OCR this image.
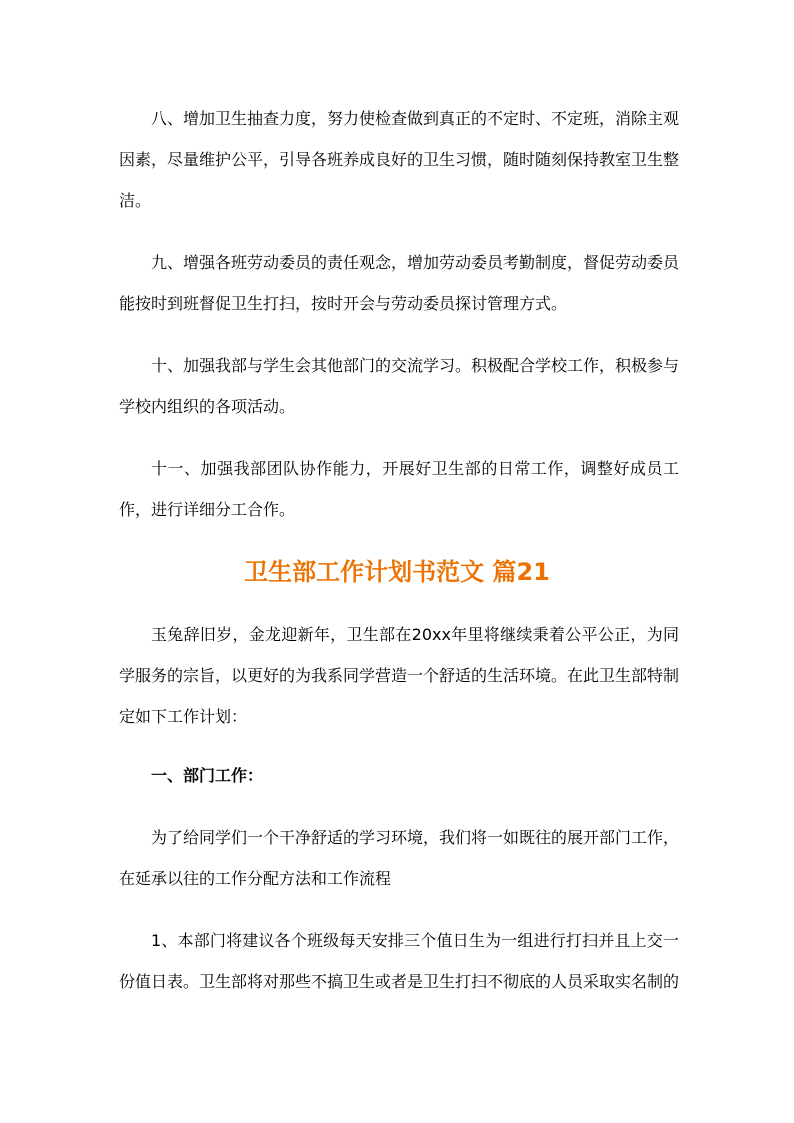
八、增加卫生抽查力度，努力使检查做到真正的不定时、不定班，消除主观因素，尽量维护公平，引导各班养成良好的卫生习惯，随时随刻保持教室卫生整洁。

九、增强各班劳动委员的责任观念，增加劳动委员考勤制度，督促劳动委员能按时到班督促卫生打扫，按时开会与劳动委员探讨管理方式。

十、加强我部与学生会其他部门的交流学习。积极配合学校工作，积极参与学校内组织的各项活动。

十一、加强我部团队协作能力，开展好卫生部的日常工作，调整好成员工作，进行详细分工合作。

卫生部工作计划书范文 篇21

玉兔辞旧岁，金龙迎新年，卫生部在20xx年里将继续秉着公平公正，为同学服务的宗旨，以更好的为我系同学营造一个舒适的生活环境。在此卫生部特制定如下工作计划：

一、部门工作：

为了给同学们一个干净舒适的学习环境，我们将一如既往的展开部门工作，在延承以往的工作分配方法和工作流程

1、本部门将建议各个班级每天安排三个值日生为一组进行打扫并且上交一份值日表。卫生部将对那些不搞卫生或者是卫生打扫不彻底的人员采取实名制的
